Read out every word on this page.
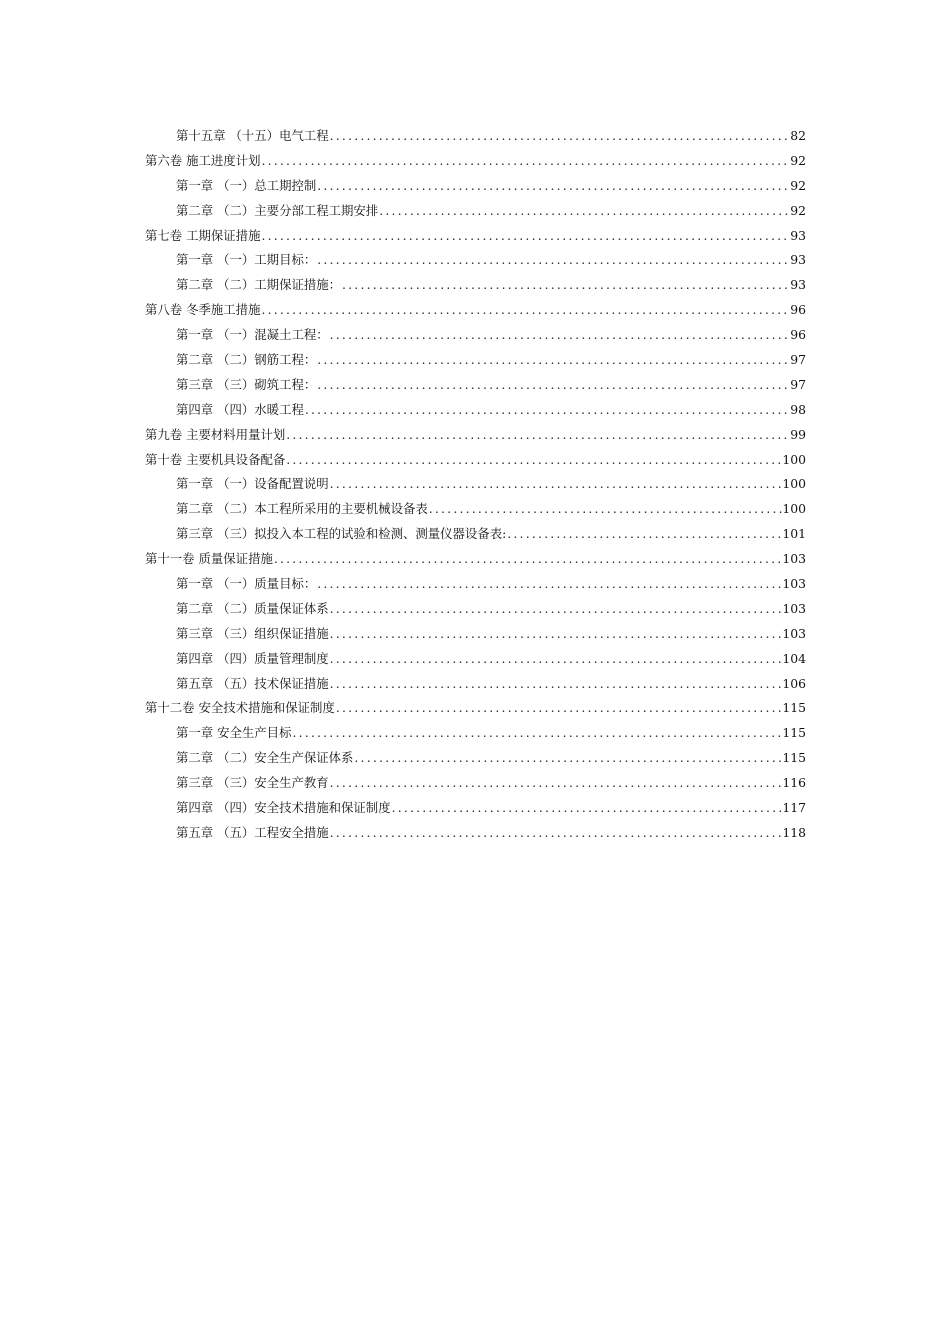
第十五章 （十五）电气工程 .....	82
第六卷 施工进度计划 .....	92
第一章 （一）总工期控制 .....	92
第二章 （二）主要分部工程工期安排 .....	92
第七卷 工期保证措施 .....	93
第一章 （一）工期目标： .....	93
第二章 （二）工期保证措施： .....	93
第八卷 冬季施工措施 .....	96
第一章 （一）混凝土工程： .....	96
第二章 （二）钢筋工程： .....	97
第三章 （三）砌筑工程： .....	97
第四章 （四）水暖工程 .....	98
第九卷 主要材料用量计划 .....	99
第十卷 主要机具设备配备 .....	100
第一章 （一）设备配置说明 .....	100
第二章 （二）本工程所采用的主要机械设备表 .....	100
第三章 （三）拟投入本工程的试验和检测、测量仪器设备表: .....	101
第十一卷 质量保证措施 .....	103
第一章 （一）质量目标： .....	103
第二章 （二）质量保证体系 .....	103
第三章 （三）组织保证措施 .....	103
第四章 （四）质量管理制度 .....	104
第五章 （五）技术保证措施 .....	106
第十二卷 安全技术措施和保证制度 .....	115
第一章 安全生产目标 .....	115
第二章 （二）安全生产保证体系 .....	115
第三章 （三）安全生产教育 .....	116
第四章 （四）安全技术措施和保证制度 .....	117
第五章 （五）工程安全措施 .....	118
